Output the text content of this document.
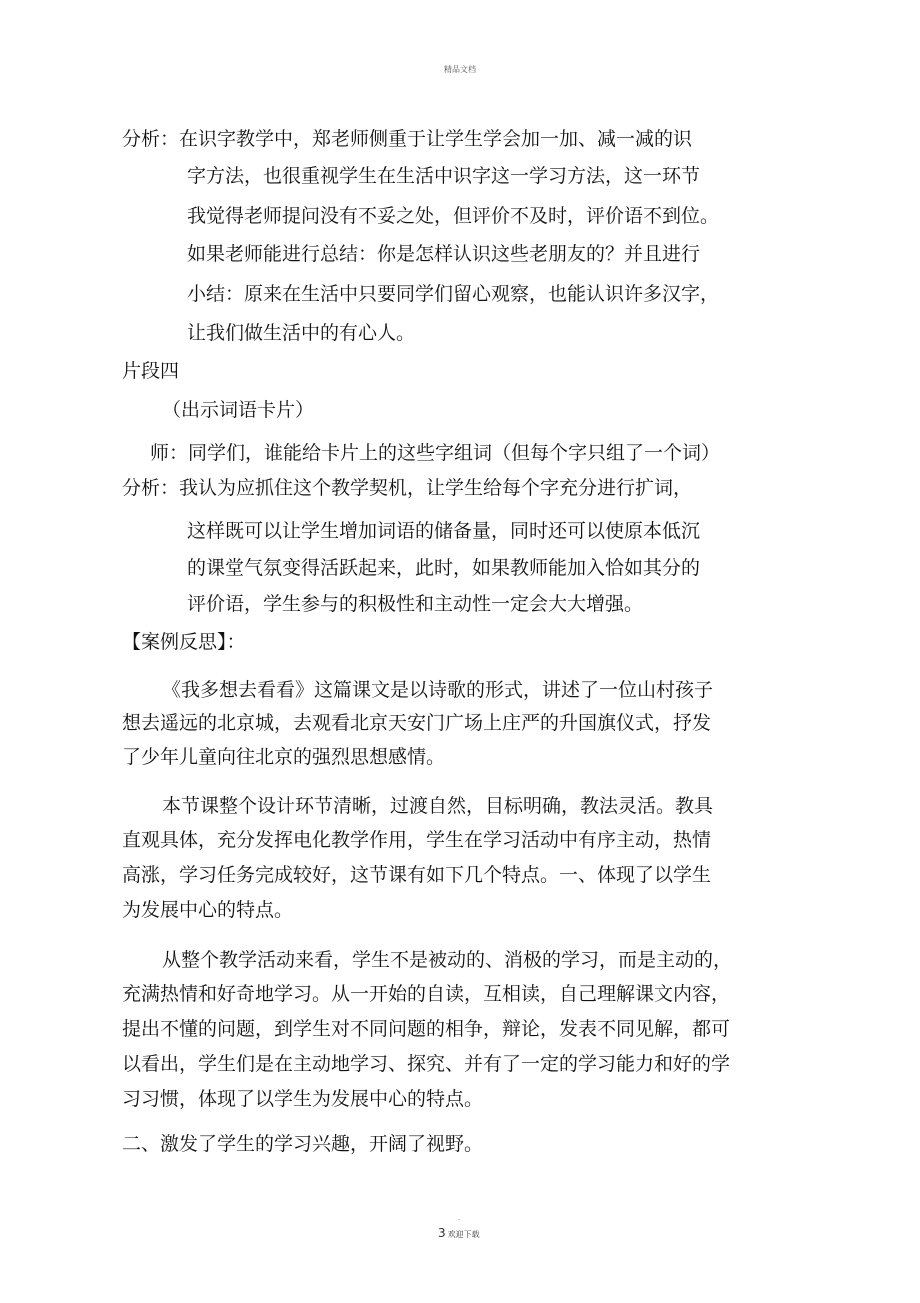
精品文档
分析：在识字教学中，郑老师侧重于让学生学会加一加、减一减的识
字方法，也很重视学生在生活中识字这一学习方法，这一环节
我觉得老师提问没有不妥之处，但评价不及时，评价语不到位。
如果老师能进行总结：你是怎样认识这些老朋友的？并且进行
小结：原来在生活中只要同学们留心观察，也能认识许多汉字，
让我们做生活中的有心人。
片段四
（出示词语卡片）
师：同学们，谁能给卡片上的这些字组词（但每个字只组了一个词）
分析：我认为应抓住这个教学契机，让学生给每个字充分进行扩词，
这样既可以让学生增加词语的储备量，同时还可以使原本低沉
的课堂气氛变得活跃起来，此时，如果教师能加入恰如其分的
评价语，学生参与的积极性和主动性一定会大大增强。
【案例反思】：
《我多想去看看》这篇课文是以诗歌的形式，讲述了一位山村孩子
想去遥远的北京城，去观看北京天安门广场上庄严的升国旗仪式，抒发
了少年儿童向往北京的强烈思想感情。
本节课整个设计环节清晰，过渡自然，目标明确，教法灵活。教具
直观具体，充分发挥电化教学作用，学生在学习活动中有序主动，热情
高涨，学习任务完成较好，这节课有如下几个特点。一、体现了以学生
为发展中心的特点。
从整个教学活动来看，学生不是被动的、消极的学习，而是主动的，
充满热情和好奇地学习。从一开始的自读，互相读，自己理解课文内容，
提出不懂的问题，到学生对不同问题的相争，辩论，发表不同见解，都可
以看出，学生们是在主动地学习、探究、并有了一定的学习能力和好的学
习习惯，体现了以学生为发展中心的特点。
二、激发了学生的学习兴趣，开阔了视野。
.
3 欢迎下载
